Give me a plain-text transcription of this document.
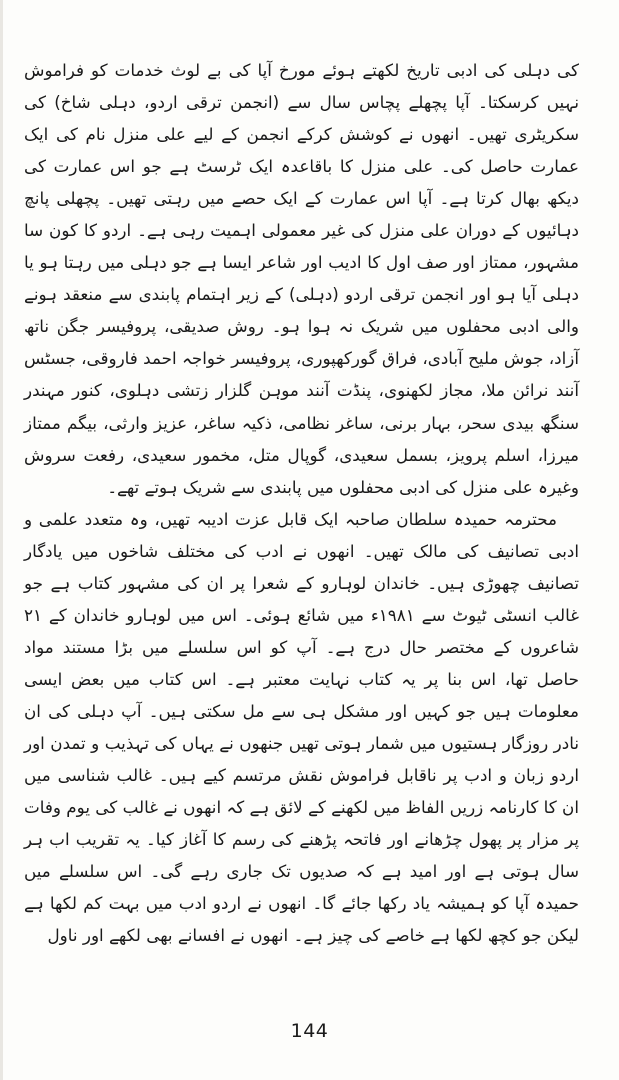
کی دہلی کی ادبی تاریخ لکھتے ہوئے مورخ آپا کی بے لوث خدمات کو فراموش نہیں کرسکتا۔ آپا پچھلے پچاس سال سے (انجمن ترقی اردو، دہلی شاخ) کی سکریٹری تھیں۔ انھوں نے کوشش کرکے انجمن کے لیے علی منزل نام کی ایک عمارت حاصل کی۔ علی منزل کا باقاعدہ ایک ٹرسٹ ہے جو اس عمارت کی دیکھ بھال کرتا ہے۔ آپا اس عمارت کے ایک حصے میں رہتی تھیں۔ پچھلی پانچ دہائیوں کے دوران علی منزل کی غیر معمولی اہمیت رہی ہے۔ اردو کا کون سا مشہور، ممتاز اور صف اول کا ادیب اور شاعر ایسا ہے جو دہلی میں رہتا ہو یا دہلی آیا ہو اور انجمن ترقی اردو (دہلی) کے زیر اہتمام پابندی سے منعقد ہونے والی ادبی محفلوں میں شریک نہ ہوا ہو۔ روش صدیقی، پروفیسر جگن ناتھ آزاد، جوش ملیح آبادی، فراق گورکھپوری، پروفیسر خواجہ احمد فاروقی، جسٹس آنند نرائن ملا، مجاز لکھنوی، پنڈت آنند موہن گلزار زتشی دہلوی، کنور مہندر سنگھ بیدی سحر، بہار برنی، ساغر نظامی، ذکیہ ساغر، عزیز وارثی، بیگم ممتاز میرزا، اسلم پرویز، بسمل سعیدی، گوپال متل، مخمور سعیدی، رفعت سروش وغیرہ علی منزل کی ادبی محفلوں میں پابندی سے شریک ہوتے تھے۔

محترمہ حمیدہ سلطان صاحبہ ایک قابل عزت ادیبہ تھیں، وہ متعدد علمی و ادبی تصانیف کی مالک تھیں۔ انھوں نے ادب کی مختلف شاخوں میں یادگار تصانیف چھوڑی ہیں۔ خاندان لوہارو کے شعرا پر ان کی مشہور کتاب ہے جو غالب انسٹی ٹیوٹ سے ۱۹۸۱ء میں شائع ہوئی۔ اس میں لوہارو خاندان کے ۲۱ شاعروں کے مختصر حال درج ہے۔ آپ کو اس سلسلے میں بڑا مستند مواد حاصل تھا، اس بنا پر یہ کتاب نہایت معتبر ہے۔ اس کتاب میں بعض ایسی معلومات ہیں جو کہیں اور مشکل ہی سے مل سکتی ہیں۔ آپ دہلی کی ان نادر روزگار ہستیوں میں شمار ہوتی تھیں جنھوں نے یہاں کی تہذیب و تمدن اور اردو زبان و ادب پر ناقابل فراموش نقش مرتسم کیے ہیں۔ غالب شناسی میں ان کا کارنامہ زریں الفاظ میں لکھنے کے لائق ہے کہ انھوں نے غالب کی یوم وفات پر مزار پر پھول چڑھانے اور فاتحہ پڑھنے کی رسم کا آغاز کیا۔ یہ تقریب اب ہر سال ہوتی ہے اور امید ہے کہ صدیوں تک جاری رہے گی۔ اس سلسلے میں حمیدہ آپا کو ہمیشہ یاد رکھا جائے گا۔ انھوں نے اردو ادب میں بہت کم لکھا ہے لیکن جو کچھ لکھا ہے خاصے کی چیز ہے۔ انھوں نے افسانے بھی لکھے اور ناول

144
